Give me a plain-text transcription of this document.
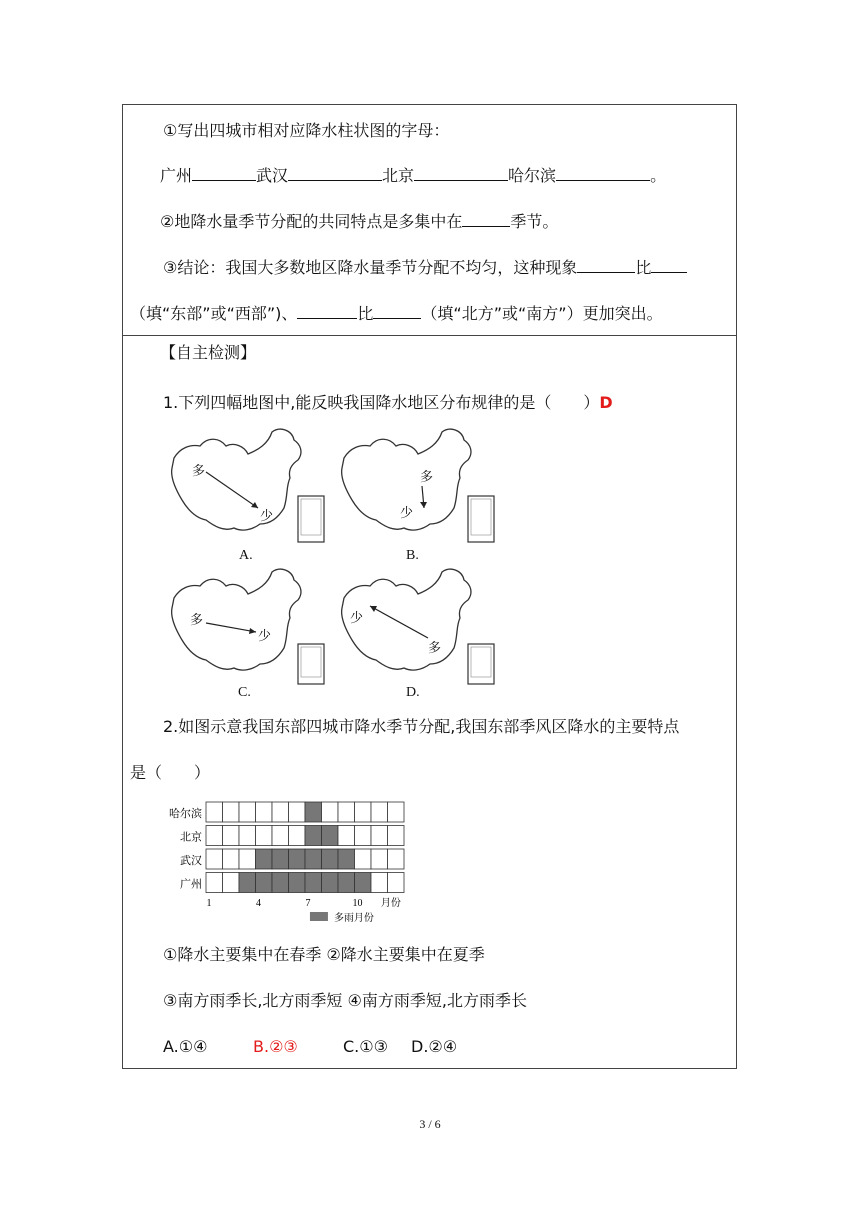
①写出四城市相对应降水柱状图的字母：
广州	武汉	北京	哈尔滨	。
②地降水量季节分配的共同特点是多集中在	季节。
③结论：我国大多数地区降水量季节分配不均匀，这种现象	比
（填“东部”或“西部”)、	比	（填“北方”或“南方”）更加突出。
【自主检测】
1.下列四幅地图中,能反映我国降水地区分布规律的是（　　）D
多
少
A.
多
少
B.
多
少
C.
少
多
D.
2.如图示意我国东部四城市降水季节分配,我国东部季风区降水的主要特点
是（　　）
哈尔滨
北京
武汉
广州
1	4	7	10 月份
多雨月份
①降水主要集中在春季 ②降水主要集中在夏季
③南方雨季长,北方雨季短 ④南方雨季短,北方雨季长
A.①④	B.②③	C.①③ D.②④
3 / 6
